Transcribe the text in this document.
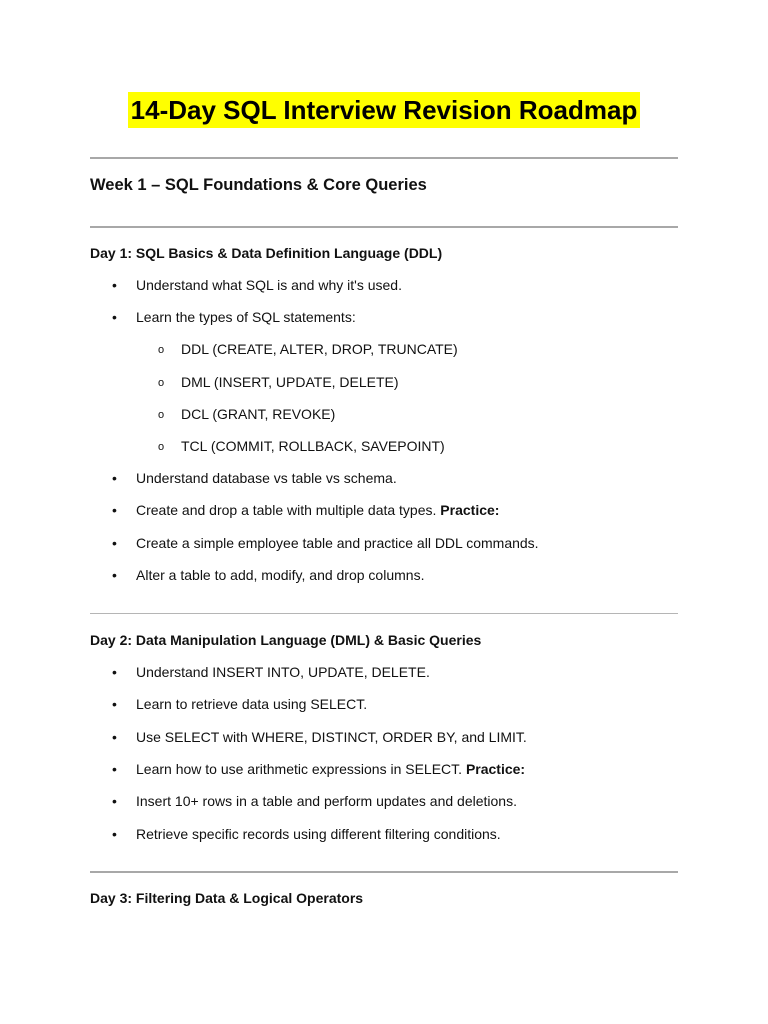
14-Day SQL Interview Revision Roadmap
Week 1 – SQL Foundations & Core Queries
Day 1: SQL Basics & Data Definition Language (DDL)
• Understand what SQL is and why it's used.
• Learn the types of SQL statements:
o DDL (CREATE, ALTER, DROP, TRUNCATE)
o DML (INSERT, UPDATE, DELETE)
o DCL (GRANT, REVOKE)
o TCL (COMMIT, ROLLBACK, SAVEPOINT)
• Understand database vs table vs schema.
• Create and drop a table with multiple data types. Practice:
• Create a simple employee table and practice all DDL commands.
• Alter a table to add, modify, and drop columns.
Day 2: Data Manipulation Language (DML) & Basic Queries
• Understand INSERT INTO, UPDATE, DELETE.
• Learn to retrieve data using SELECT.
• Use SELECT with WHERE, DISTINCT, ORDER BY, and LIMIT.
• Learn how to use arithmetic expressions in SELECT. Practice:
• Insert 10+ rows in a table and perform updates and deletions.
• Retrieve specific records using different filtering conditions.
Day 3: Filtering Data & Logical Operators
